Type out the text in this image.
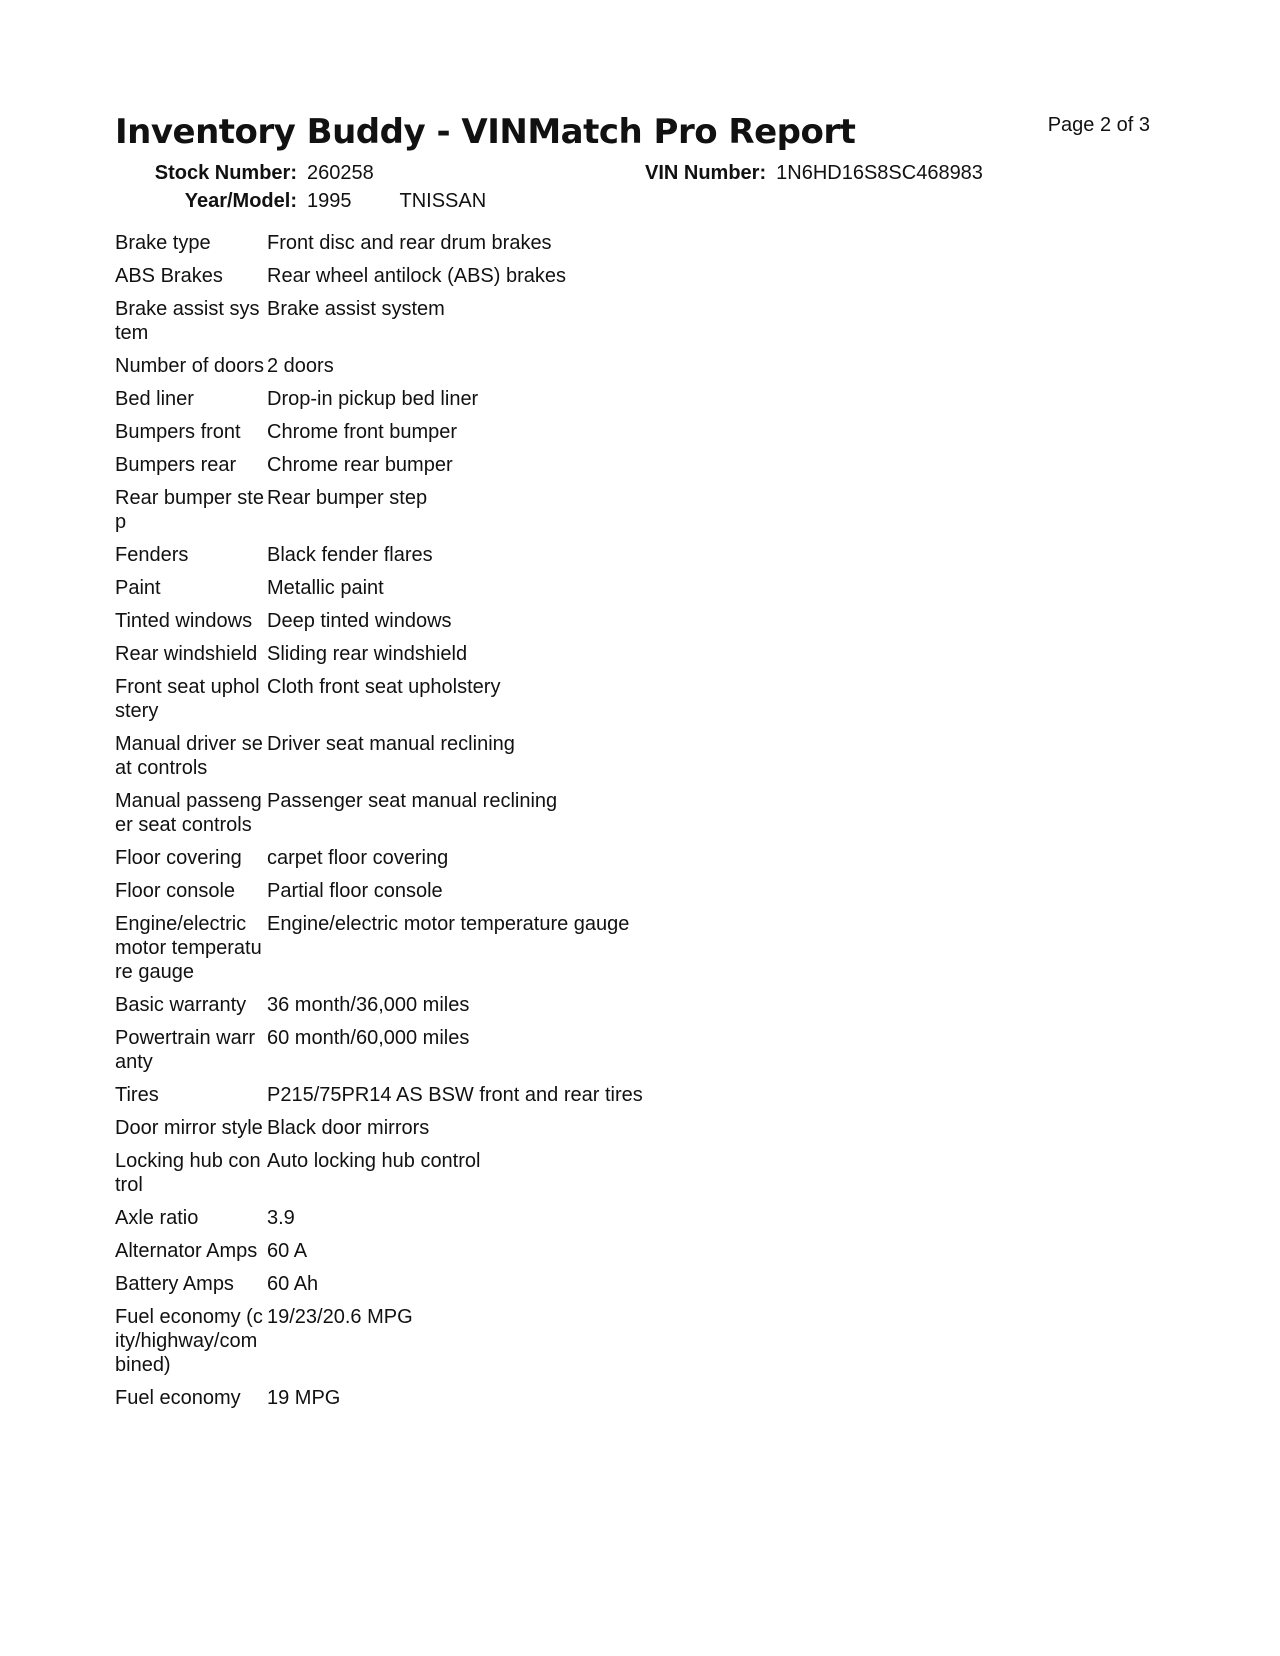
Page 2 of 3
Inventory Buddy - VINMatch Pro Report
Stock Number: 260258	VIN Number: 1N6HD16S8SC468983
Year/Model: 1995 TNISSAN
Brake type	Front disc and rear drum brakes
ABS Brakes	Rear wheel antilock (ABS) brakes
Brake assist system	Brake assist system
Number of doors	2 doors
Bed liner	Drop-in pickup bed liner
Bumpers front	Chrome front bumper
Bumpers rear	Chrome rear bumper
Rear bumper step	Rear bumper step
Fenders	Black fender flares
Paint	Metallic paint
Tinted windows	Deep tinted windows
Rear windshield	Sliding rear windshield
Front seat upholstery	Cloth front seat upholstery
Manual driver seat controls	Driver seat manual reclining
Manual passenger seat controls	Passenger seat manual reclining
Floor covering	carpet floor covering
Floor console	Partial floor console
Engine/electric motor temperature gauge	Engine/electric motor temperature gauge
Basic warranty	36 month/36,000 miles
Powertrain warranty	60 month/60,000 miles
Tires	P215/75PR14 AS BSW front and rear tires
Door mirror style	Black door mirrors
Locking hub control	Auto locking hub control
Axle ratio	3.9
Alternator Amps	60 A
Battery Amps	60 Ah
Fuel economy (city/highway/combined)	19/23/20.6 MPG
Fuel economy	19 MPG
